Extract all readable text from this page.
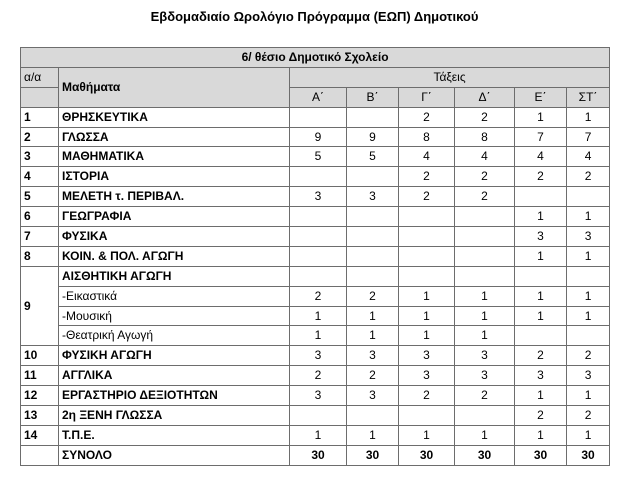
Εβδομαδιαίο Ωρολόγιο Πρόγραμμα (ΕΩΠ) Δημοτικού
6/ θέσιο Δημοτικό Σχολείο							
α/α	Μαθήματα	Τάξεις					
		Α΄	Β΄	Γ΄	Δ΄	Ε΄	ΣΤ΄
1	ΘΡΗΣΚΕΥΤΙΚΑ			2	2	1	1
2	ΓΛΩΣΣΑ	9	9	8	8	7	7
3	ΜΑΘΗΜΑΤΙΚΑ	5	5	4	4	4	4
4	ΙΣΤΟΡΙΑ			2	2	2	2
5	ΜΕΛΕΤΗ τ. ΠΕΡΙΒΑΛ.	3	3	2	2		
6	ΓΕΩΓΡΑΦΙΑ					1	1
7	ΦΥΣΙΚΑ					3	3
8	ΚΟΙΝ. & ΠΟΛ. ΑΓΩΓΗ					1	1
9	ΑΙΣΘΗΤΙΚΗ ΑΓΩΓΗ						
	-Εικαστικά	2	2	1	1	1	1
	-Μουσική	1	1	1	1	1	1
	-Θεατρική Αγωγή	1	1	1	1		
10	ΦΥΣΙΚΗ ΑΓΩΓΗ	3	3	3	3	2	2
11	ΑΓΓΛΙΚΑ	2	2	3	3	3	3
12	ΕΡΓΑΣΤΗΡΙΟ ΔΕΞΙΟΤΗΤΩΝ	3	3	2	2	1	1
13	2η ΞΕΝΗ ΓΛΩΣΣΑ					2	2
14	Τ.Π.Ε.	1	1	1	1	1	1
	ΣΥΝΟΛΟ	30	30	30	30	30	30
